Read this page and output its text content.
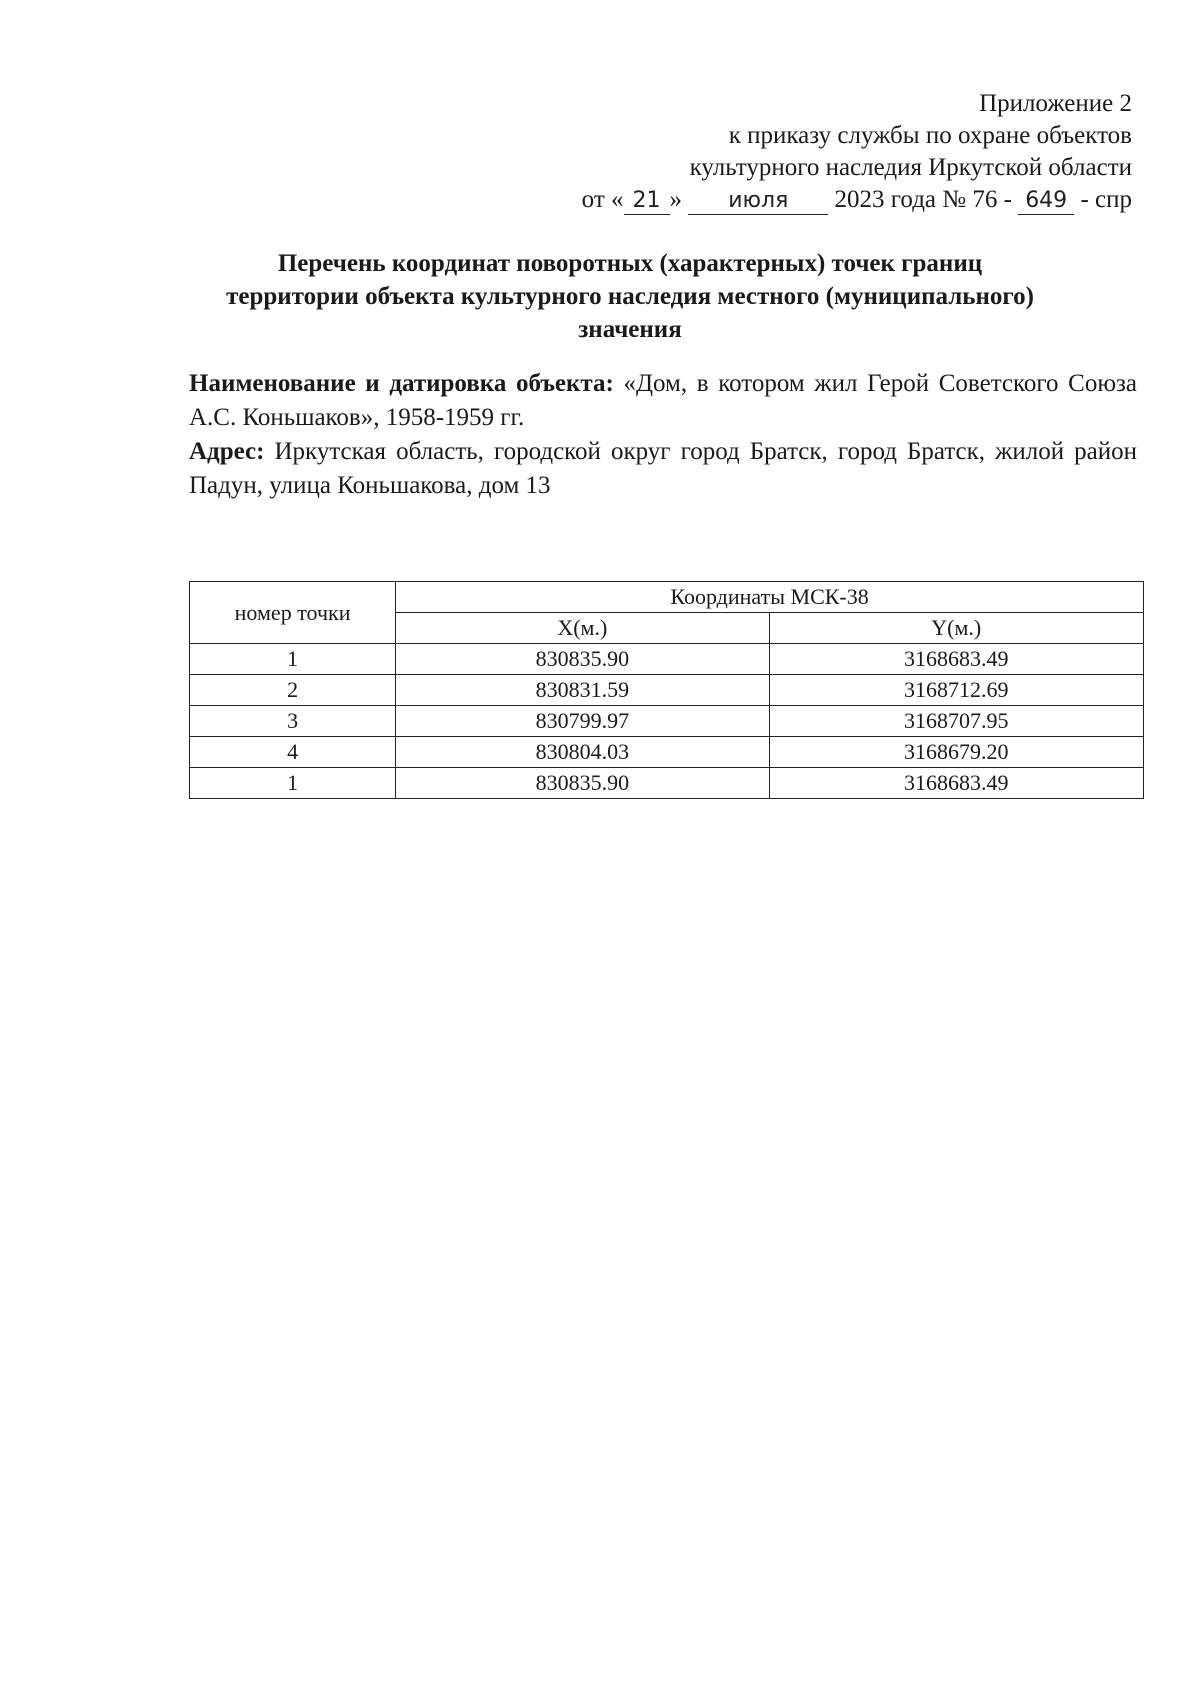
Приложение 2
к приказу службы по охране объектов
культурного наследия Иркутской области
от « 21 » июля 2023 года № 76 - 649 - спр
Перечень координат поворотных (характерных) точек границ
территории объекта культурного наследия местного (муниципального)
значения

Наименование и датировка объекта: «Дом, в котором жил Герой Советского Союза А.С. Коньшаков», 1958-1959 гг.

Адрес: Иркутская область, городской округ город Братск, город Братск, жилой район Падун, улица Коньшакова, дом 13

номер точки	Координаты МСК-38	
	X(м.)	Y(м.)
1	830835.90	3168683.49
2	830831.59	3168712.69
3	830799.97	3168707.95
4	830804.03	3168679.20
1	830835.90	3168683.49
